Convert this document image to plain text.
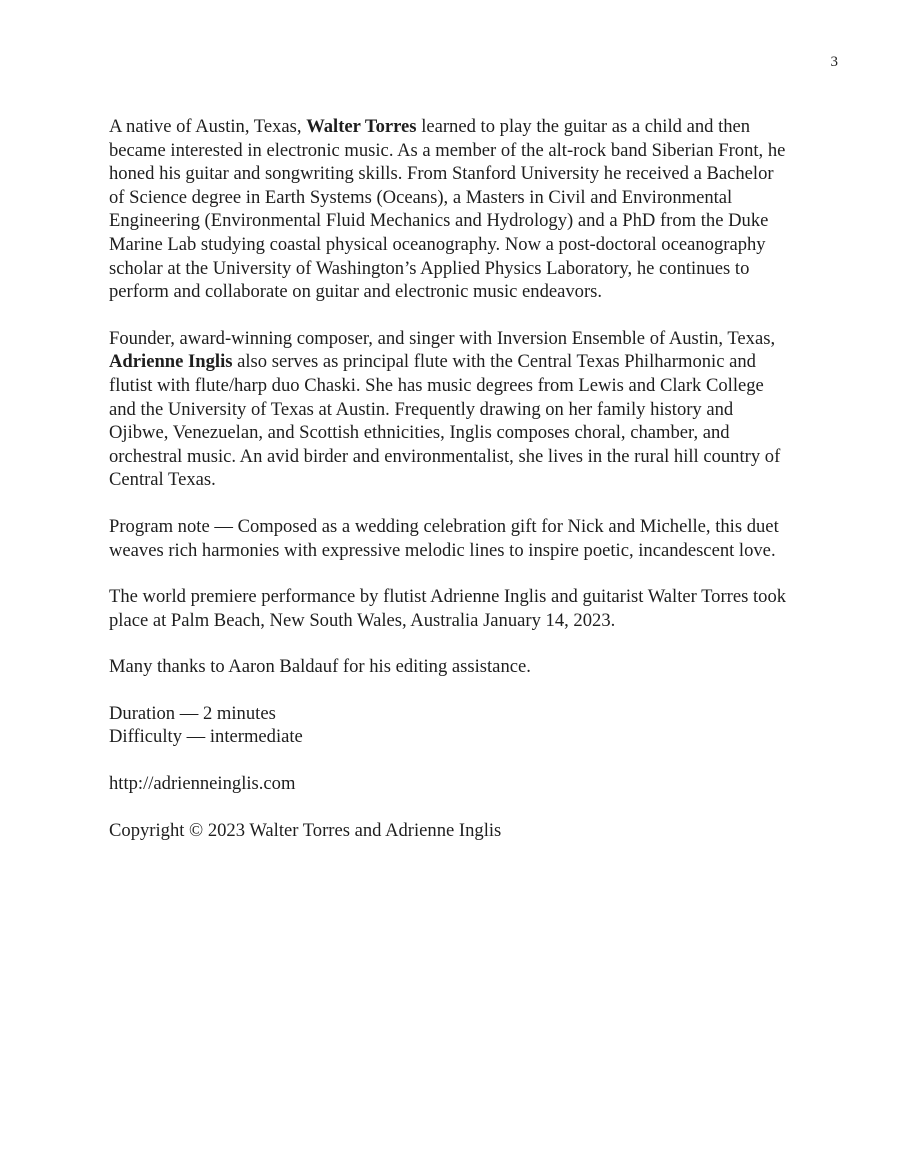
3

A native of Austin, Texas, Walter Torres learned to play the guitar as a child and then became interested in electronic music. As a member of the alt-rock band Siberian Front, he honed his guitar and songwriting skills. From Stanford University he received a Bachelor of Science degree in Earth Systems (Oceans), a Masters in Civil and Environmental Engineering (Environmental Fluid Mechanics and Hydrology) and a PhD from the Duke Marine Lab studying coastal physical oceanography. Now a post-doctoral oceanography scholar at the University of Washington’s Applied Physics Laboratory, he continues to perform and collaborate on guitar and electronic music endeavors.

Founder, award-winning composer, and singer with Inversion Ensemble of Austin, Texas, Adrienne Inglis also serves as principal flute with the Central Texas Philharmonic and flutist with flute/harp duo Chaski. She has music degrees from Lewis and Clark College and the University of Texas at Austin. Frequently drawing on her family history and Ojibwe, Venezuelan, and Scottish ethnicities, Inglis composes choral, chamber, and orchestral music. An avid birder and environmentalist, she lives in the rural hill country of Central Texas.

Program note — Composed as a wedding celebration gift for Nick and Michelle, this duet weaves rich harmonies with expressive melodic lines to inspire poetic, incandescent love.

The world premiere performance by flutist Adrienne Inglis and guitarist Walter Torres took place at Palm Beach, New South Wales, Australia January 14, 2023.

Many thanks to Aaron Baldauf for his editing assistance.

Duration — 2 minutes

Difficulty — intermediate

http://adrienneinglis.com

Copyright © 2023 Walter Torres and Adrienne Inglis
